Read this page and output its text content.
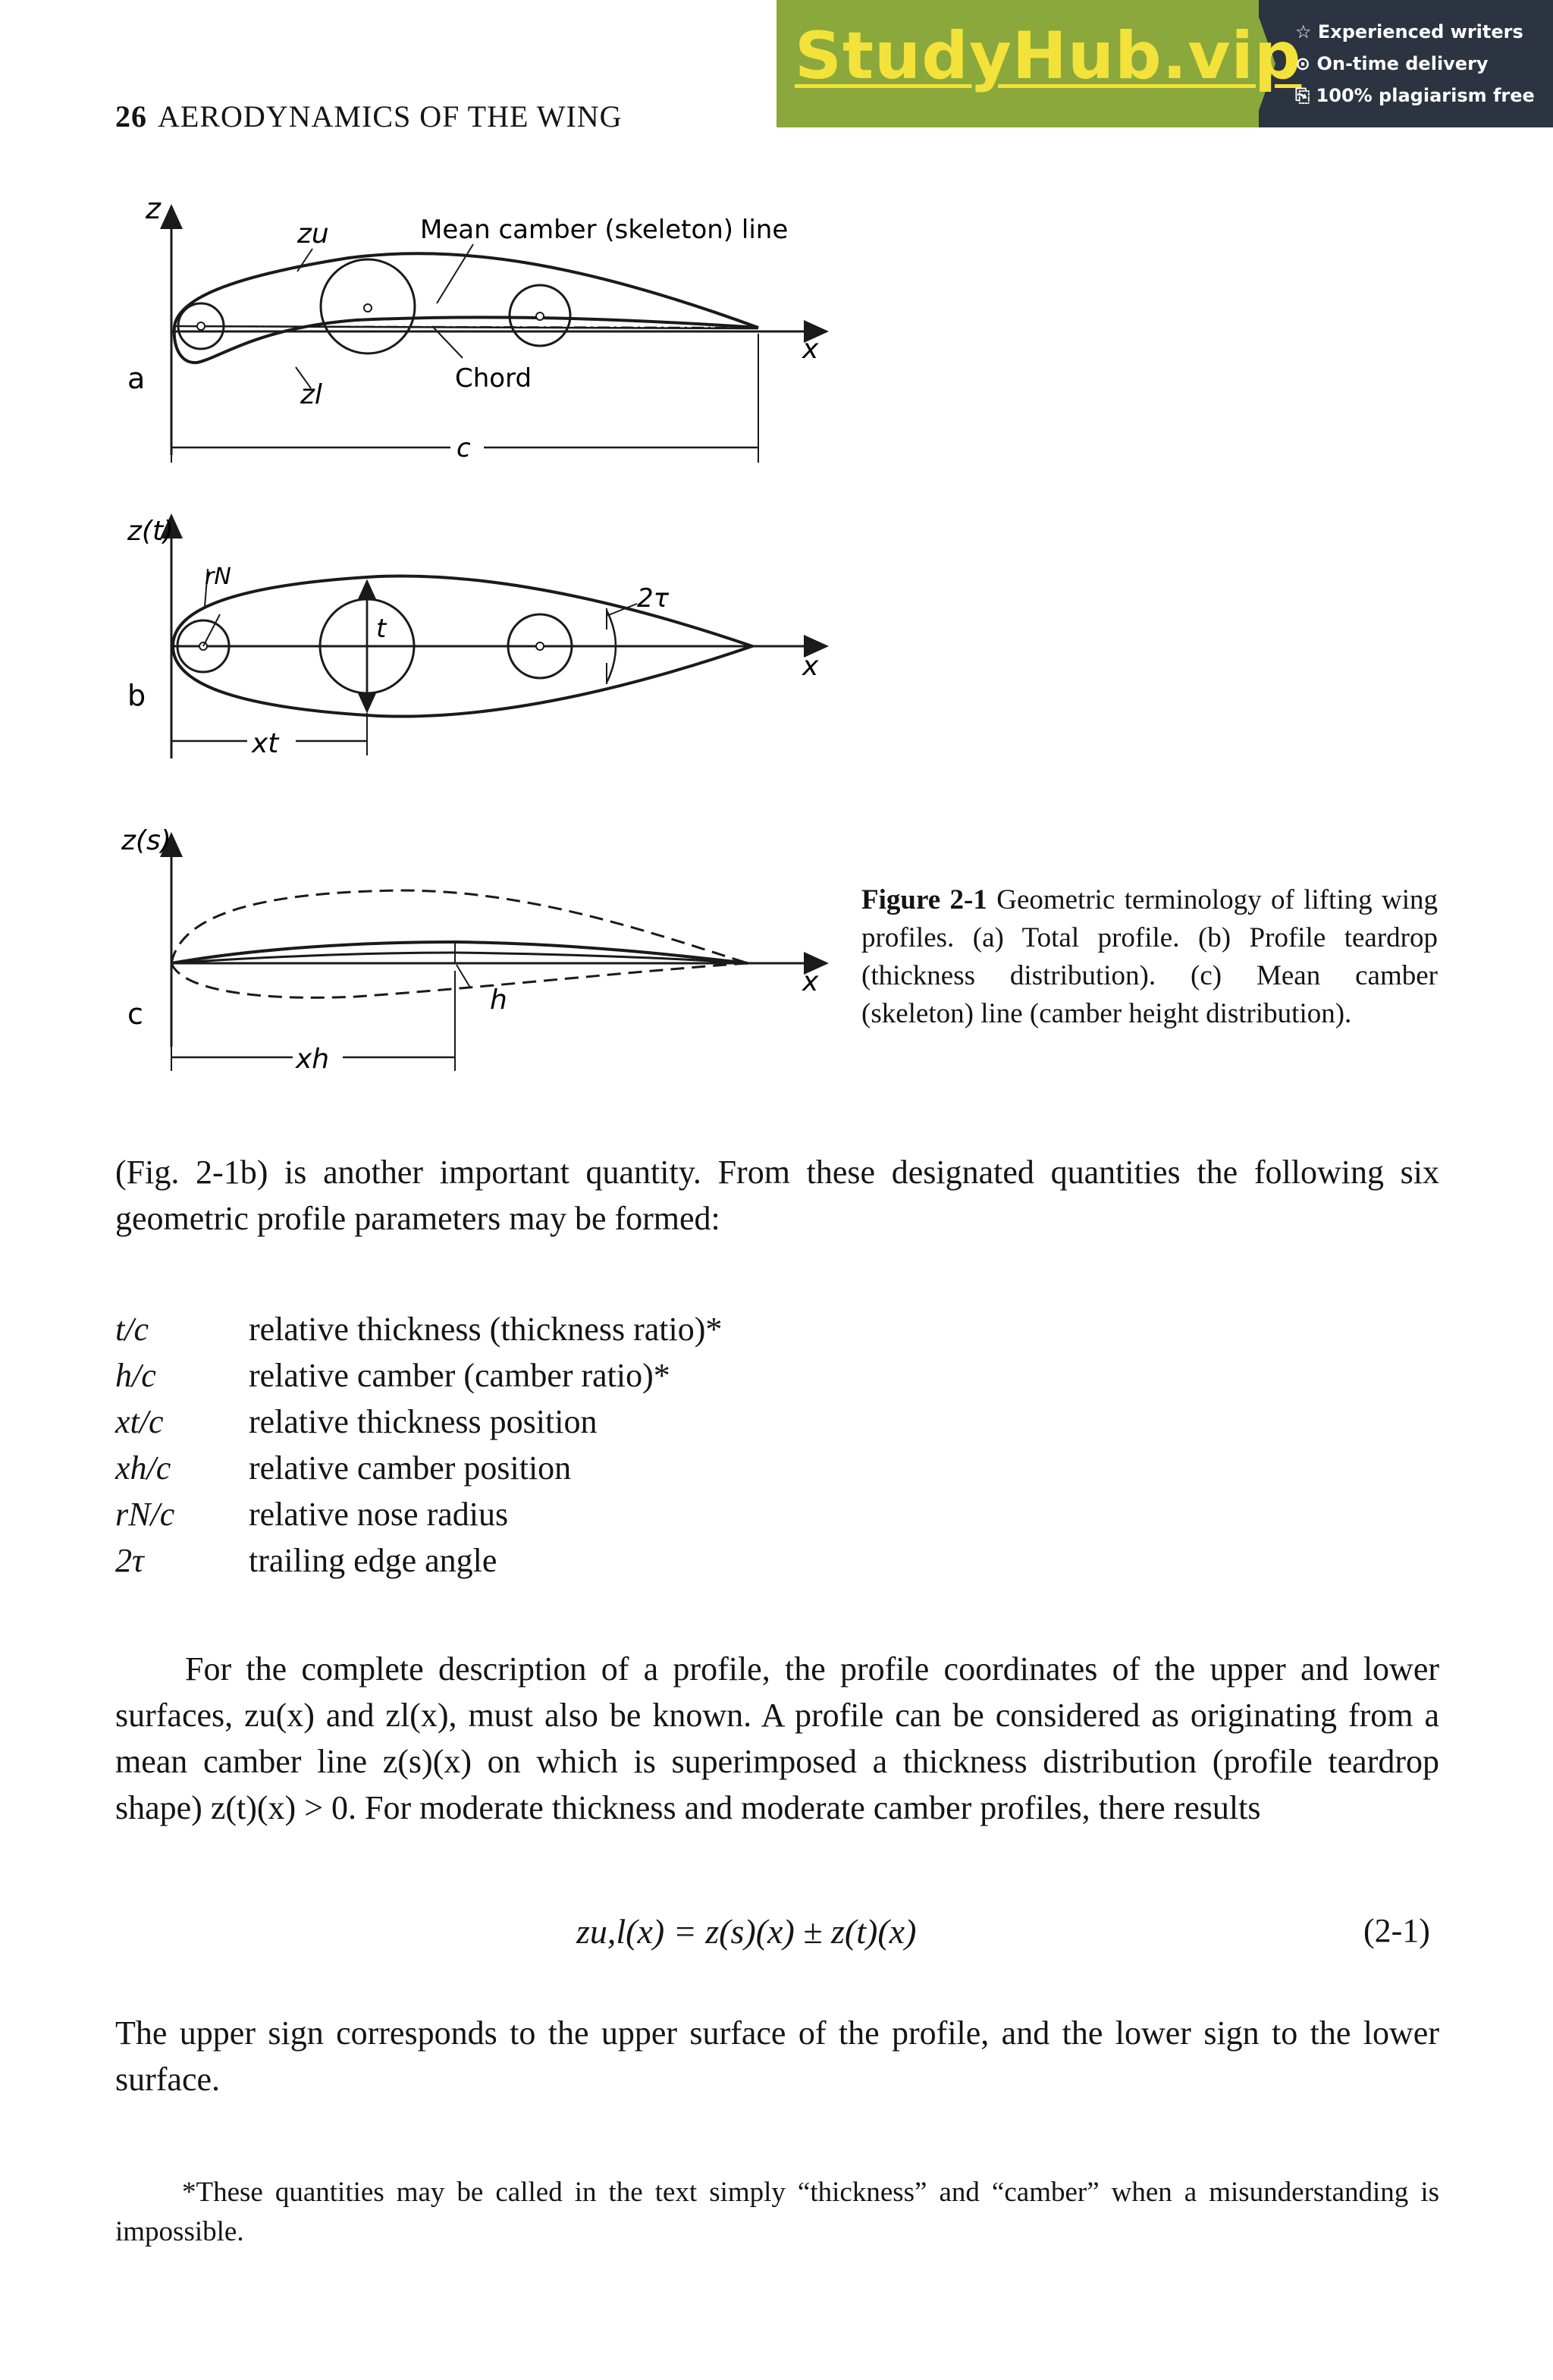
26 AERODYNAMICS OF THE WING
StudyHub.vip
☆ Experienced writers
⊙ On-time delivery
⎘ 100% plagiarism free
z
x
a
zu
zl
Mean camber (skeleton) line
Chord
c
z(t)
x
b
rN
t
2τ
xt
z(s)
x
c	h
xh
Figure 2-1 Geometric terminology of lifting wing profiles. (a) Total profile. (b) Profile teardrop (thickness distribution). (c) Mean camber (skeleton) line (camber height distribution).
(Fig. 2-1b) is another important quantity. From these designated quantities the following six geometric profile parameters may be formed:
t/c	relative thickness (thickness ratio)*
h/c	relative camber (camber ratio)*
xt/c	relative thickness position
xh/c	relative camber position
rN/c	relative nose radius
2τ	trailing edge angle
For the complete description of a profile, the profile coordinates of the upper and lower surfaces, zu(x) and zl(x), must also be known. A profile can be considered as originating from a mean camber line z(s)(x) on which is superimposed a thickness distribution (profile teardrop shape) z(t)(x) > 0. For moderate thickness and moderate camber profiles, there results
zu,l(x) = z(s)(x) ± z(t)(x)	(2-1)
The upper sign corresponds to the upper surface of the profile, and the lower sign to the lower surface.
*These quantities may be called in the text simply “thickness” and “camber” when a misunderstanding is impossible.
